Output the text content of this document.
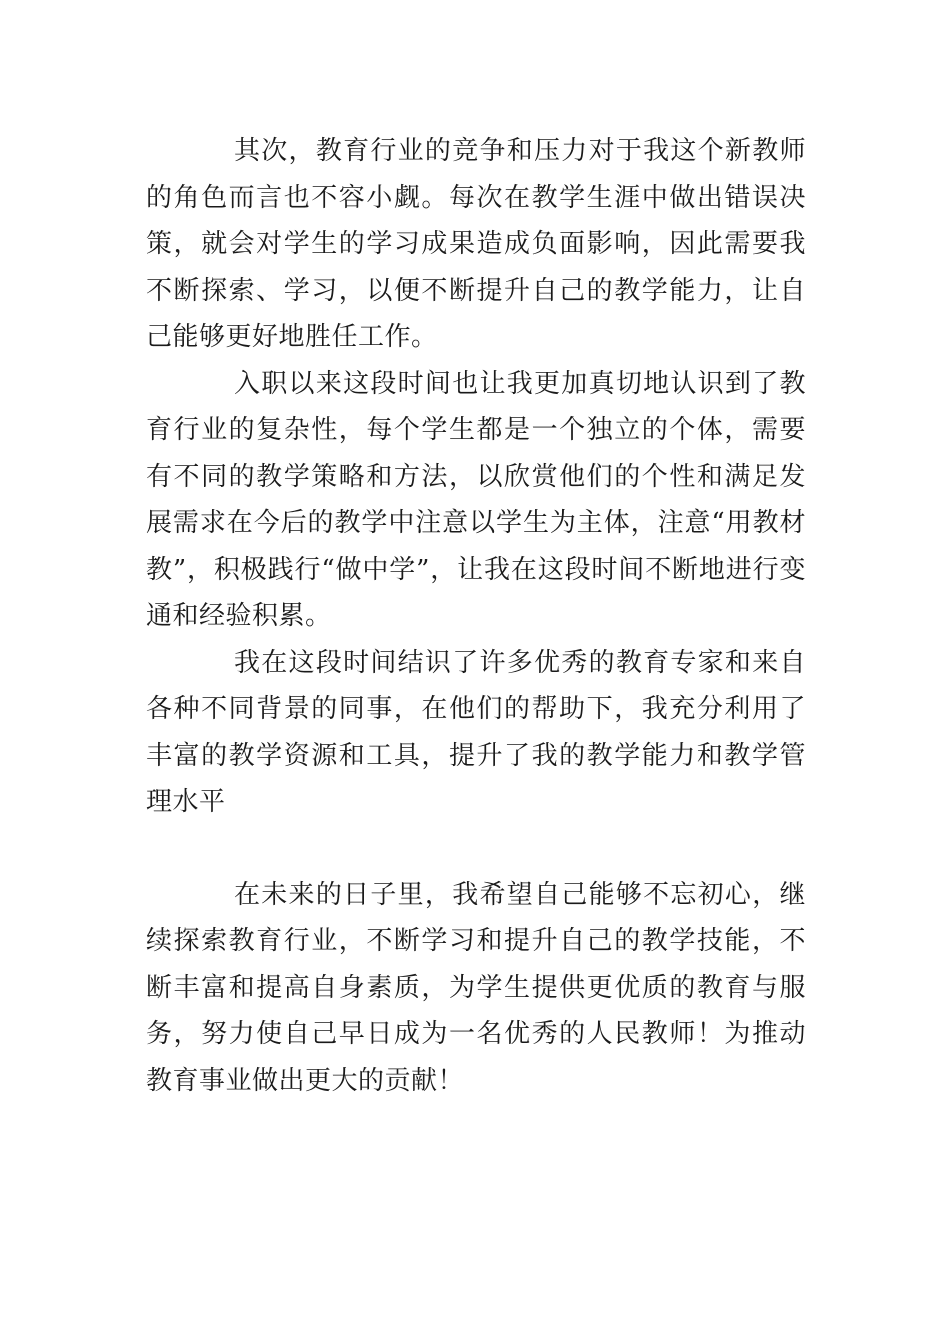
其次，教育行业的竞争和压力对于我这个新教师的角色而言也不容小觑。每次在教学生涯中做出错误决策，就会对学生的学习成果造成负面影响，因此需要我不断探索、学习，以便不断提升自己的教学能力，让自己能够更好地胜任工作。

入职以来这段时间也让我更加真切地认识到了教育行业的复杂性，每个学生都是一个独立的个体，需要有不同的教学策略和方法，以欣赏他们的个性和满足发展需求在今后的教学中注意以学生为主体，注意“用教材教”，积极践行“做中学”，让我在这段时间不断地进行变通和经验积累。

我在这段时间结识了许多优秀的教育专家和来自各种不同背景的同事，在他们的帮助下，我充分利用了丰富的教学资源和工具，提升了我的教学能力和教学管理水平

在未来的日子里，我希望自己能够不忘初心，继续探索教育行业，不断学习和提升自己的教学技能，不断丰富和提高自身素质，为学生提供更优质的教育与服务，努力使自己早日成为一名优秀的人民教师！为推动教育事业做出更大的贡献！
